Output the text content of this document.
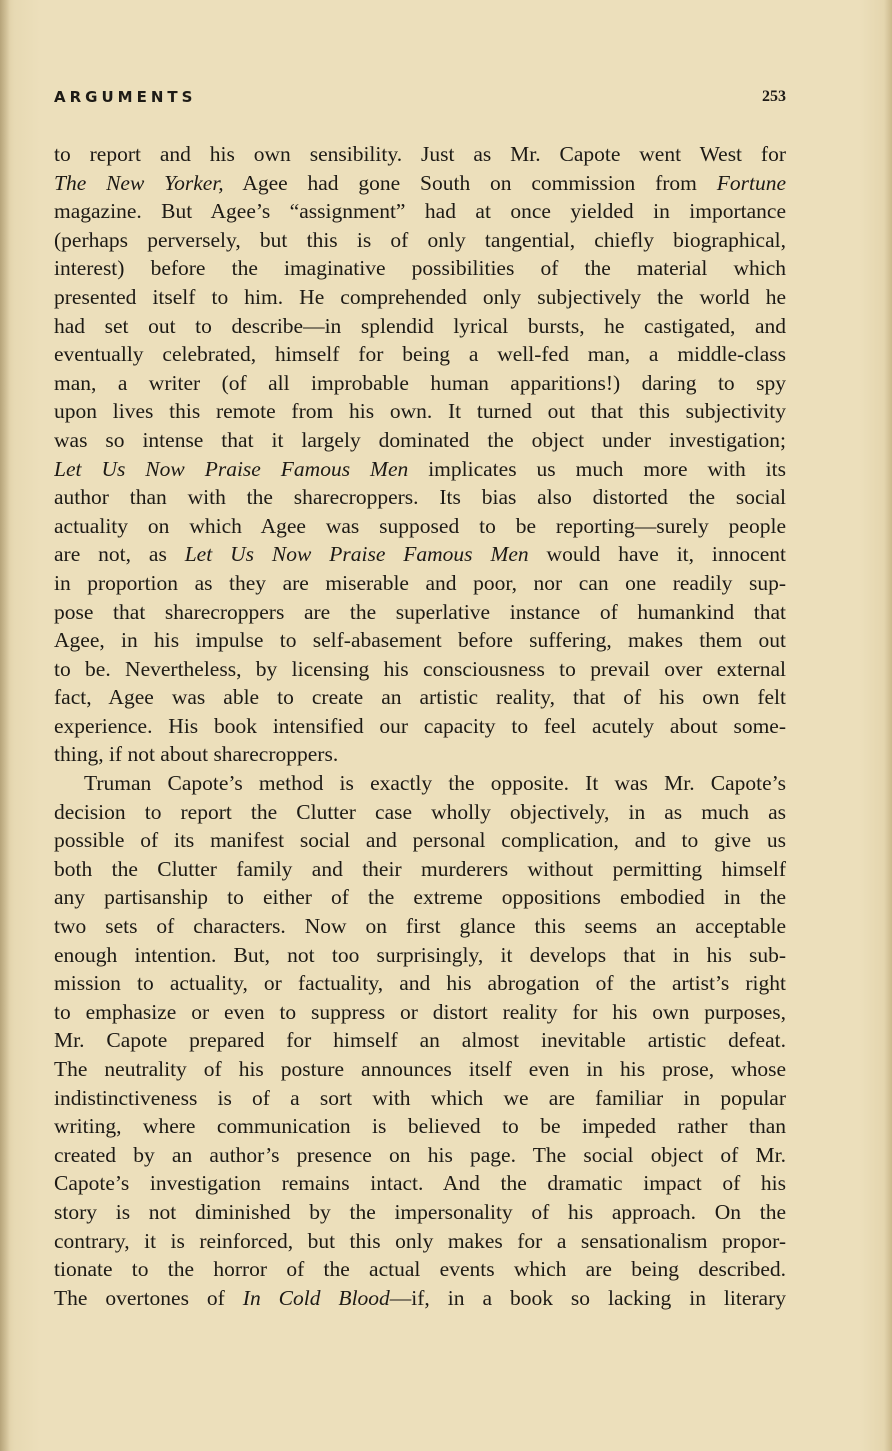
ARGUMENTS	253
to report and his own sensibility. Just as Mr. Capote went West for
The New Yorker, Agee had gone South on commission from Fortune
magazine. But Agee’s “assignment” had at once yielded in importance
(perhaps perversely, but this is of only tangential, chiefly biographical,
interest) before the imaginative possibilities of the material which
presented itself to him. He comprehended only subjectively the world he
had set out to describe—in splendid lyrical bursts, he castigated, and
eventually celebrated, himself for being a well-fed man, a middle-class
man, a writer (of all improbable human apparitions!) daring to spy
upon lives this remote from his own. It turned out that this subjectivity
was so intense that it largely dominated the object under investigation;
Let Us Now Praise Famous Men implicates us much more with its
author than with the sharecroppers. Its bias also distorted the social
actuality on which Agee was supposed to be reporting—surely people
are not, as Let Us Now Praise Famous Men would have it, innocent
in proportion as they are miserable and poor, nor can one readily sup-
pose that sharecroppers are the superlative instance of humankind that
Agee, in his impulse to self-abasement before suffering, makes them out
to be. Nevertheless, by licensing his consciousness to prevail over external
fact, Agee was able to create an artistic reality, that of his own felt
experience. His book intensified our capacity to feel acutely about some-
thing, if not about sharecroppers.
Truman Capote’s method is exactly the opposite. It was Mr. Capote’s
decision to report the Clutter case wholly objectively, in as much as
possible of its manifest social and personal complication, and to give us
both the Clutter family and their murderers without permitting himself
any partisanship to either of the extreme oppositions embodied in the
two sets of characters. Now on first glance this seems an acceptable
enough intention. But, not too surprisingly, it develops that in his sub-
mission to actuality, or factuality, and his abrogation of the artist’s right
to emphasize or even to suppress or distort reality for his own purposes,
Mr. Capote prepared for himself an almost inevitable artistic defeat.
The neutrality of his posture announces itself even in his prose, whose
indistinctiveness is of a sort with which we are familiar in popular
writing, where communication is believed to be impeded rather than
created by an author’s presence on his page. The social object of Mr.
Capote’s investigation remains intact. And the dramatic impact of his
story is not diminished by the impersonality of his approach. On the
contrary, it is reinforced, but this only makes for a sensationalism propor-
tionate to the horror of the actual events which are being described.
The overtones of In Cold Blood—if, in a book so lacking in literary
